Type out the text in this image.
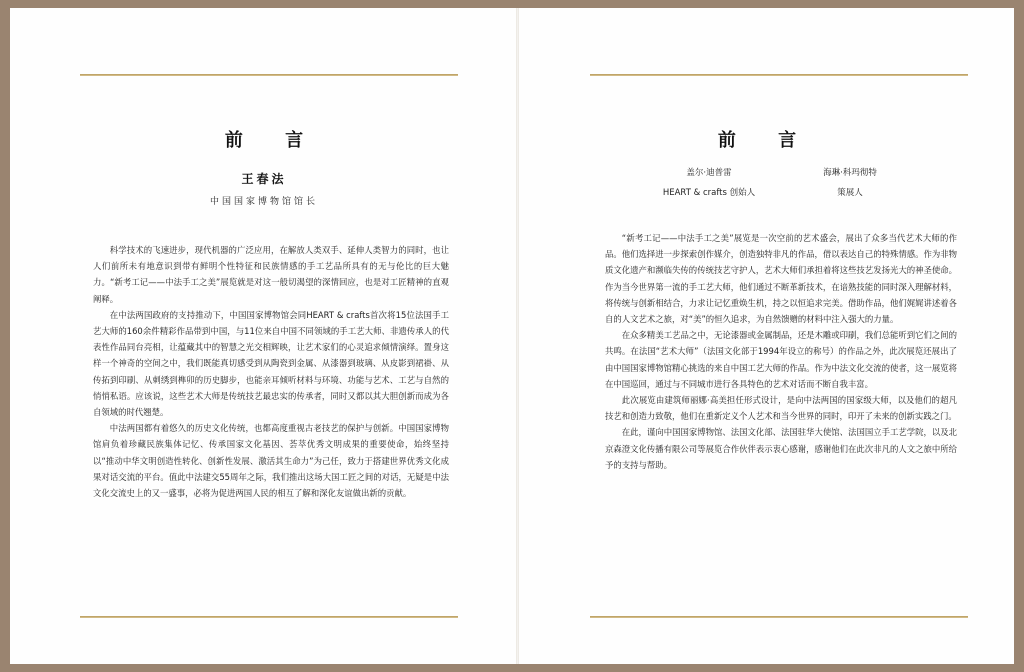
前 言
王春法
中国国家博物馆馆长

科学技术的飞速进步，现代机器的广泛应用，在解放人类双手、延伸人类智力的同时，也让人们前所未有地意识到带有鲜明个性特征和民族情感的手工艺品所具有的无与伦比的巨大魅力。“新考工记——中法手工之美”展览就是对这一般切渴望的深情回应，也是对工匠精神的直观阐释。

在中法两国政府的支持推动下，中国国家博物馆会同HEART & crafts首次将15位法国手工艺大师的160余件精彩作品带到中国，与11位来自中国不同领域的手工艺大师、非遗传承人的代表性作品同台亮相，让蕴藏其中的智慧之光交相辉映，让艺术家们的心灵追求倾情演绎。置身这样一个神奇的空间之中，我们既能真切感受到从陶瓷到金属、从漆器到玻璃、从皮影到裙褂、从传拓到印刷、从刺绣到榫卯的历史脚步，也能亲耳倾听材料与环境、功能与艺术、工艺与自然的悄悄私语。应该说，这些艺术大师是传统技艺最忠实的传承者，同时又都以其大胆创新而成为各自领域的时代翘楚。

中法两国都有着悠久的历史文化传统，也都高度重视古老技艺的保护与创新。中国国家博物馆肩负着珍藏民族集体记忆、传承国家文化基因、荟萃优秀文明成果的重要使命，始终坚持以“推动中华文明创造性转化、创新性发展、激活其生命力”为己任，致力于搭建世界优秀文化成果对话交流的平台。值此中法建交55周年之际，我们推出这场大国工匠之间的对话，无疑是中法文化交流史上的又一盛事，必将为促进两国人民的相互了解和深化友谊做出新的贡献。

前 言
盖尔·迪普雷
HEART & crafts 创始人
海琳·科玛彻特
策展人

“新考工记——中法手工之美”展览是一次空前的艺术盛会，展出了众多当代艺术大师的作品。他们选择进一步探索创作媒介，创造独特非凡的作品，借以表达自己的特殊情感。作为非物质文化遗产和濒临失传的传统技艺守护人，艺术大师们承担着将这些技艺发扬光大的神圣使命。作为当今世界第一流的手工艺大师，他们通过不断革新技术，在谙熟技能的同时深入理解材料，将传统与创新相结合，力求让记忆重焕生机，持之以恒追求完美。借助作品，他们娓娓讲述着各自的人文艺术之旅，对“美”的恒久追求，为自然馈赠的材料中注入强大的力量。

在众多精美工艺品之中，无论漆器或金属制品，还是木雕或印刷，我们总能听到它们之间的共鸣。在法国“艺术大师”（法国文化部于1994年设立的称号）的作品之外，此次展览还展出了由中国国家博物馆精心挑选的来自中国工艺大师的作品。作为中法文化交流的使者，这一展览将在中国巡回，通过与不同城市进行各具特色的艺术对话而不断自我丰富。

此次展览由建筑师丽娜·高美担任形式设计，是向中法两国的国家级大师，以及他们的超凡技艺和创造力致敬，他们在重新定义个人艺术和当今世界的同时，印开了未来的创新实践之门。

在此，谨向中国国家博物馆、法国文化部、法国驻华大使馆、法国国立手工艺学院，以及北京森澄文化传播有限公司等展览合作伙伴表示衷心感谢，感谢他们在此次非凡的人文之旅中所给予的支持与帮助。
